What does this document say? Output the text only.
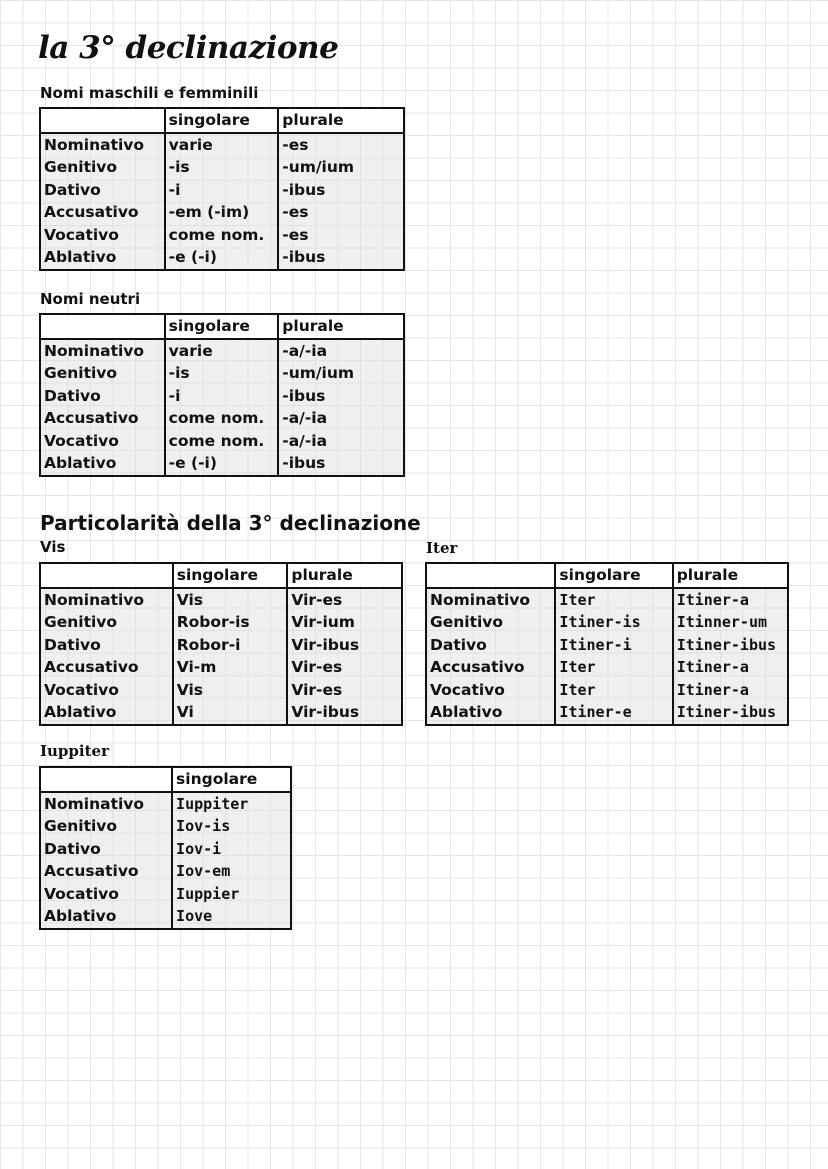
la 3° declinazione
Nomi maschili e femminili
	singolare	plurale
Nominativo	varie	-es
Genitivo	-is	-um/ium
Dativo	-i	-ibus
Accusativo	-em (-im)	-es
Vocativo	come nom.	-es
Ablativo	-e (-i)	-ibus
Nomi neutri
	singolare	plurale
Nominativo	varie	-a/-ia
Genitivo	-is	-um/ium
Dativo	-i	-ibus
Accusativo	come nom.	-a/-ia
Vocativo	come nom.	-a/-ia
Ablativo	-e (-i)	-ibus
Particolarità della 3° declinazione
Vis
	singolare	plurale
Nominativo	Vis	Vir-es
Genitivo	Robor-is	Vir-ium
Dativo	Robor-i	Vir-ibus
Accusativo	Vi-m	Vir-es
Vocativo	Vis	Vir-es
Ablativo	Vi	Vir-ibus
Iter
	singolare	plurale
Nominativo	Iter	Itiner-a
Genitivo	Itiner-is	Itinner-um
Dativo	Itiner-i	Itiner-ibus
Accusativo	Iter	Itiner-a
Vocativo	Iter	Itiner-a
Ablativo	Itiner-e	Itiner-ibus
Iuppiter
	singolare
Nominativo	Iuppiter
Genitivo	Iov-is
Dativo	Iov-i
Accusativo	Iov-em
Vocativo	Iuppier
Ablativo	Iove
